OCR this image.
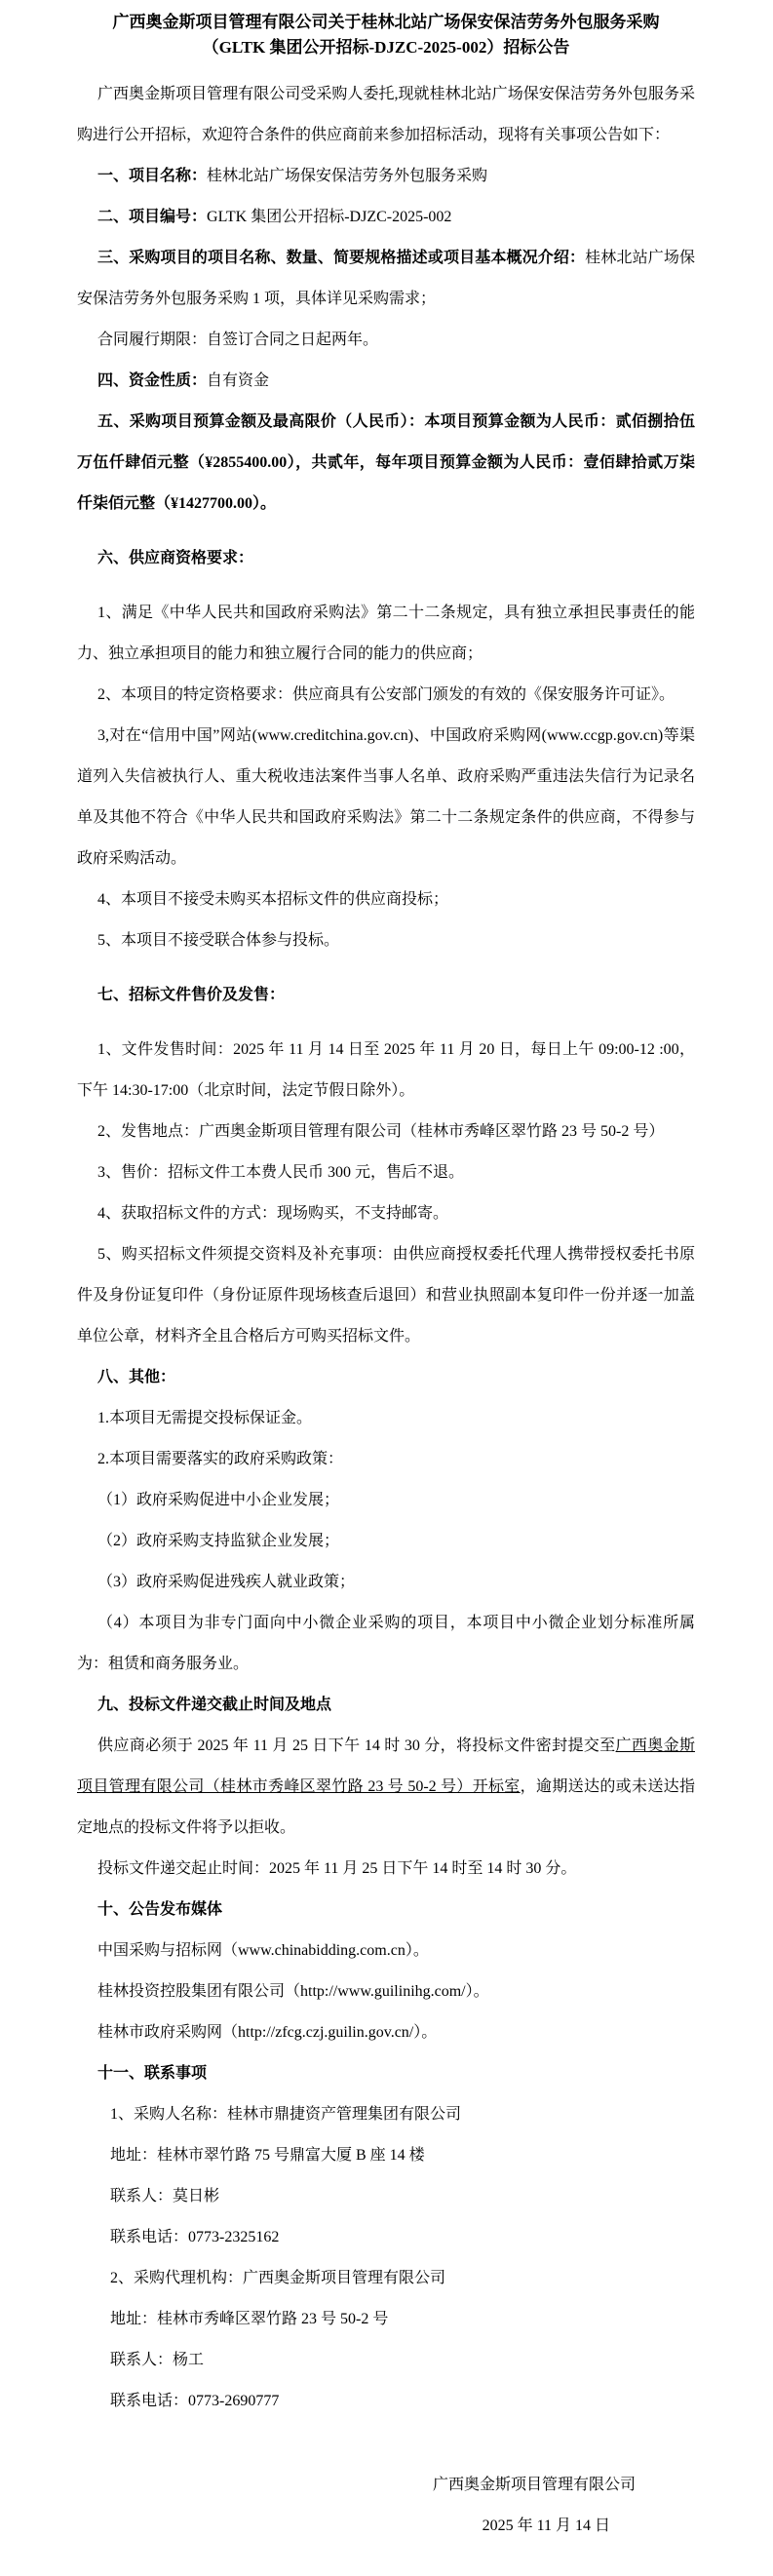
广西奥金斯项目管理有限公司关于桂林北站广场保安保洁劳务外包服务采购
（GLTK 集团公开招标-DJZC-2025-002）招标公告

广西奥金斯项目管理有限公司受采购人委托,现就桂林北站广场保安保洁劳务外包服务采购进行公开招标，欢迎符合条件的供应商前来参加招标活动，现将有关事项公告如下：

一、项目名称：桂林北站广场保安保洁劳务外包服务采购

二、项目编号：GLTK 集团公开招标-DJZC-2025-002

三、采购项目的项目名称、数量、简要规格描述或项目基本概况介绍：桂林北站广场保安保洁劳务外包服务采购 1 项，具体详见采购需求；

合同履行期限：自签订合同之日起两年。

四、资金性质：自有资金

五、采购项目预算金额及最高限价（人民币）：本项目预算金额为人民币：贰佰捌拾伍万伍仟肆佰元整（¥2855400.00），共贰年，每年项目预算金额为人民币：壹佰肆拾贰万柒仟柒佰元整（¥1427700.00）。

六、供应商资格要求：

1、满足《中华人民共和国政府采购法》第二十二条规定，具有独立承担民事责任的能力、独立承担项目的能力和独立履行合同的能力的供应商；

2、本项目的特定资格要求：供应商具有公安部门颁发的有效的《保安服务许可证》。

3,对在“信用中国”网站(www.creditchina.gov.cn)、中国政府采购网(www.ccgp.gov.cn)等渠道列入失信被执行人、重大税收违法案件当事人名单、政府采购严重违法失信行为记录名单及其他不符合《中华人民共和国政府采购法》第二十二条规定条件的供应商，不得参与政府采购活动。

4、本项目不接受未购买本招标文件的供应商投标；

5、本项目不接受联合体参与投标。

七、招标文件售价及发售：

1、文件发售时间：2025 年 11 月 14 日至 2025 年 11 月 20 日，每日上午 09:00-12 :00，下午 14:30-17:00（北京时间，法定节假日除外）。

2、发售地点：广西奥金斯项目管理有限公司（桂林市秀峰区翠竹路 23 号 50-2 号）

3、售价：招标文件工本费人民币 300 元，售后不退。

4、获取招标文件的方式：现场购买，不支持邮寄。

5、购买招标文件须提交资料及补充事项：由供应商授权委托代理人携带授权委托书原件及身份证复印件（身份证原件现场核查后退回）和营业执照副本复印件一份并逐一加盖单位公章，材料齐全且合格后方可购买招标文件。

八、其他：

1.本项目无需提交投标保证金。

2.本项目需要落实的政府采购政策：

（1）政府采购促进中小企业发展；

（2）政府采购支持监狱企业发展；

（3）政府采购促进残疾人就业政策；

（4）本项目为非专门面向中小微企业采购的项目，本项目中小微企业划分标准所属为：租赁和商务服务业。

九、投标文件递交截止时间及地点

供应商必须于 2025 年 11 月 25 日下午 14 时 30 分，将投标文件密封提交至广西奥金斯项目管理有限公司（桂林市秀峰区翠竹路 23 号 50-2 号）开标室，逾期送达的或未送达指定地点的投标文件将予以拒收。

投标文件递交起止时间：2025 年 11 月 25 日下午 14 时至 14 时 30 分。

十、公告发布媒体

中国采购与招标网（www.chinabidding.com.cn）。

桂林投资控股集团有限公司（http://www.guilinihg.com/）。

桂林市政府采购网（http://zfcg.czj.guilin.gov.cn/）。

十一、联系事项

1、采购人名称：桂林市鼎捷资产管理集团有限公司

地址：桂林市翠竹路 75 号鼎富大厦 B 座 14 楼

联系人：莫日彬

联系电话：0773-2325162

2、采购代理机构：广西奥金斯项目管理有限公司

地址：桂林市秀峰区翠竹路 23 号 50-2 号

联系人：杨工

联系电话：0773-2690777

广西奥金斯项目管理有限公司

2025 年 11 月 14 日
